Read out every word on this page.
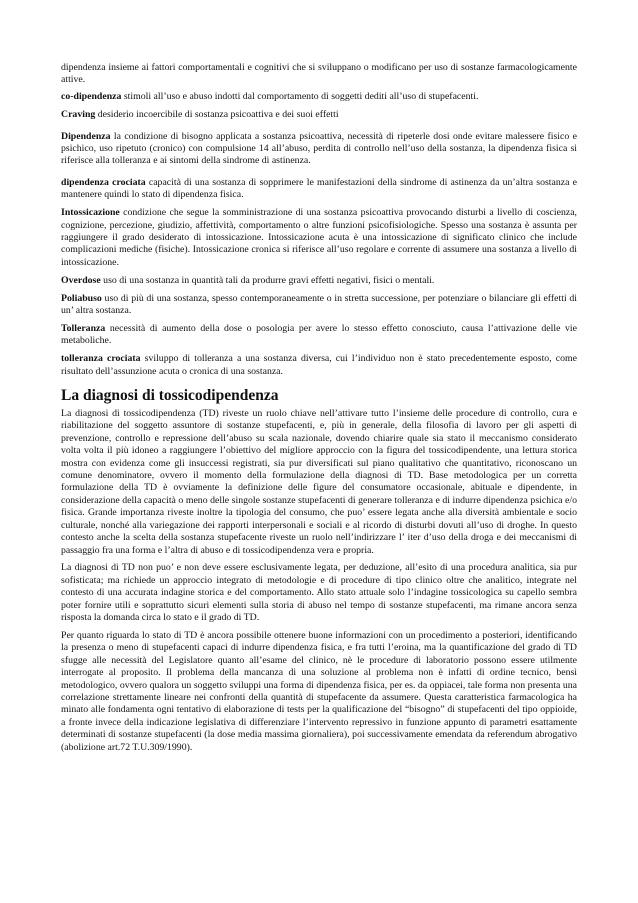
dipendenza insieme ai fattori comportamentali e cognitivi che si sviluppano o modificano per uso di sostanze farmacologicamente attive.

co-dipendenza stimoli all’uso e abuso indotti dal comportamento di soggetti dediti all’uso di stupefacenti.

Craving desiderio incoercibile di sostanza psicoattiva e dei suoi effetti

Dipendenza la condizione di bisogno applicata a sostanza psicoattiva, necessità di ripeterle dosi onde evitare malessere fisico e psichico, uso ripetuto (cronico) con compulsione 14 all’abuso, perdita di controllo nell’uso della sostanza, la dipendenza fisica si riferisce alla tolleranza e ai sintomi della sindrome di astinenza.

dipendenza crociata capacità di una sostanza di sopprimere le manifestazioni della sindrome di astinenza da un’altra sostanza e mantenere quindi lo stato di dipendenza fisica.

Intossicazione condizione che segue la somministrazione di una sostanza psicoattiva provocando disturbi a livello di coscienza, cognizione, percezione, giudizio, affettività, comportamento o altre funzioni psicofisiologiche. Spesso una sostanza è assunta per raggiungere il grado desiderato di intossicazione. Intossicazione acuta è una intossicazione di significato clinico che include complicazioni mediche (fisiche). Intossicazione cronica si riferisce all’uso regolare e corrente di assumere una sostanza a livello di intossicazione.

Overdose uso di una sostanza in quantità tali da produrre gravi effetti negativi, fisici o mentali.

Poliabuso uso di più di una sostanza, spesso contemporaneamente o in stretta successione, per potenziare o bilanciare gli effetti di un’ altra sostanza.

Tolleranza necessità di aumento della dose o posologia per avere lo stesso effetto conosciuto, causa l’attivazione delle vie metaboliche.

tolleranza crociata sviluppo di tolleranza a una sostanza diversa, cui l’individuo non è stato precedentemente esposto, come risultato dell’assunzione acuta o cronica di una sostanza.

La diagnosi di tossicodipendenza

La diagnosi di tossicodipendenza (TD) riveste un ruolo chiave nell’attivare tutto l’insieme delle procedure di controllo, cura e riabilitazione del soggetto assuntore di sostanze stupefacenti, e, più in generale, della filosofia di lavoro per gli aspetti di prevenzione, controllo e repressione dell’abuso su scala nazionale, dovendo chiarire quale sia stato il meccanismo considerato volta volta il più idoneo a raggiungere l’obiettivo del migliore approccio con la figura del tossicodipendente, una lettura storica mostra con evidenza come gli insuccessi registrati, sia pur diversificati sul piano qualitativo che quantitativo, riconoscano un comune denominatore, ovvero il momento della formulazione della diagnosi di TD. Base metodologica per un corretta formulazione della TD è ovviamente la definizione delle figure del consumatore occasionale, abituale e dipendente, in considerazione della capacità o meno delle singole sostanze stupefacenti di generare tolleranza e di indurre dipendenza psichica e/o fisica. Grande importanza riveste inoltre la tipologia del consumo, che puo’ essere legata anche alla diversità ambientale e socio culturale, nonché alla variegazione dei rapporti interpersonali e sociali e al ricordo di disturbi dovuti all’uso di droghe. In questo contesto anche la scelta della sostanza stupefacente riveste un ruolo nell’indirizzare l’ iter d’uso della droga e dei meccanismi di passaggio fra una forma e l’altra di abuso e di tossicodipendenza vera e propria.

La diagnosi di TD non puo’ e non deve essere esclusivamente legata, per deduzione, all’esito di una procedura analitica, sia pur sofisticata; ma richiede un approccio integrato di metodologie e di procedure di tipo clinico oltre che analitico, integrate nel contesto di una accurata indagine storica e del comportamento. Allo stato attuale solo l’indagine tossicologica su capello sembra poter fornire utili e soprattutto sicuri elementi sulla storia di abuso nel tempo di sostanze stupefacenti, ma rimane ancora senza risposta la domanda circa lo stato e il grado di TD.

Per quanto riguarda lo stato di TD è ancora possibile ottenere buone informazioni con un procedimento a posteriori, identificando la presenza o meno di stupefacenti capaci di indurre dipendenza fisica, e fra tutti l’eroina, ma la quantificazione del grado di TD sfugge alle necessità del Legislatore quanto all’esame del clinico, nè le procedure di laboratorio possono essere utilmente interrogate al proposito. Il problema della mancanza di una soluzione al problema non è infatti di ordine tecnico, bensì metodologico, ovvero qualora un soggetto sviluppi una forma di dipendenza fisica, per es. da oppiacei, tale forma non presenta una correlazione strettamente lineare nei confronti della quantità di stupefacente da assumere. Questa caratteristica farmacologica ha minato alle fondamenta ogni tentativo di elaborazione di tests per la qualificazione del “bisogno” di stupefacenti del tipo oppioide, a fronte invece della indicazione legislativa di differenziare l’intervento repressivo in funzione appunto di parametri esattamente determinati di sostanze stupefacenti (la dose media massima giornaliera), poi successivamente emendata da referendum abrogativo (abolizione art.72 T.U.309/1990).
